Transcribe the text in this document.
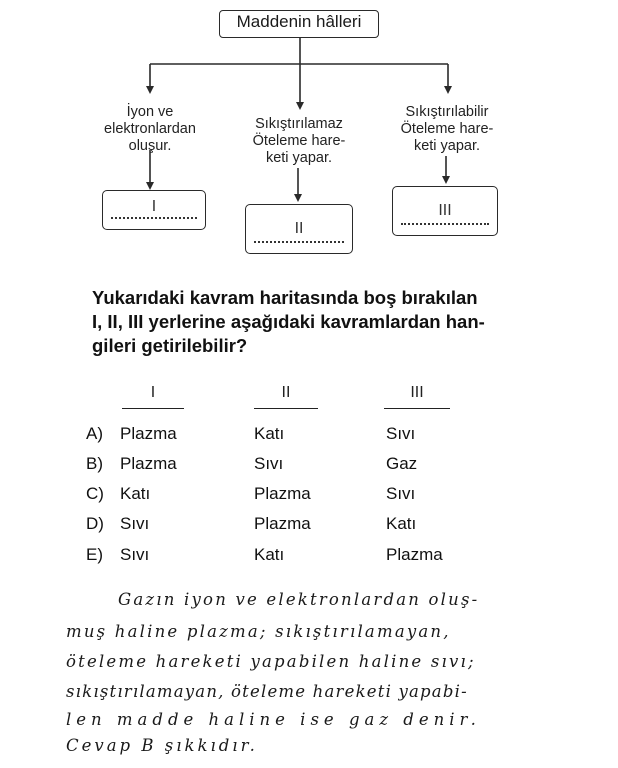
Maddenin hâlleri
İyon ve
elektronlardan
oluşur.
Sıkıştırılamaz
Öteleme hare-
keti yapar.
Sıkıştırılabilir
Öteleme hare-
keti yapar.
I
II
III
Yukarıdaki kavram haritasında boş bırakılan
I, II, III yerlerine aşağıdaki kavramlardan han-
gileri getirilebilir?
I	II	III
A) Plazma	Katı	Sıvı
B) Plazma	Sıvı	Gaz
C) Katı	Plazma	Sıvı
D) Sıvı	Plazma	Katı
E) Sıvı	Katı	Plazma
Gazın iyon ve elektronlardan oluş-
muş haline plazma; sıkıştırılamayan,
öteleme hareketi yapabilen haline sıvı;
sıkıştırılamayan, öteleme hareketi yapabi-
len madde haline ise gaz denir.
Cevap B şıkkıdır.
